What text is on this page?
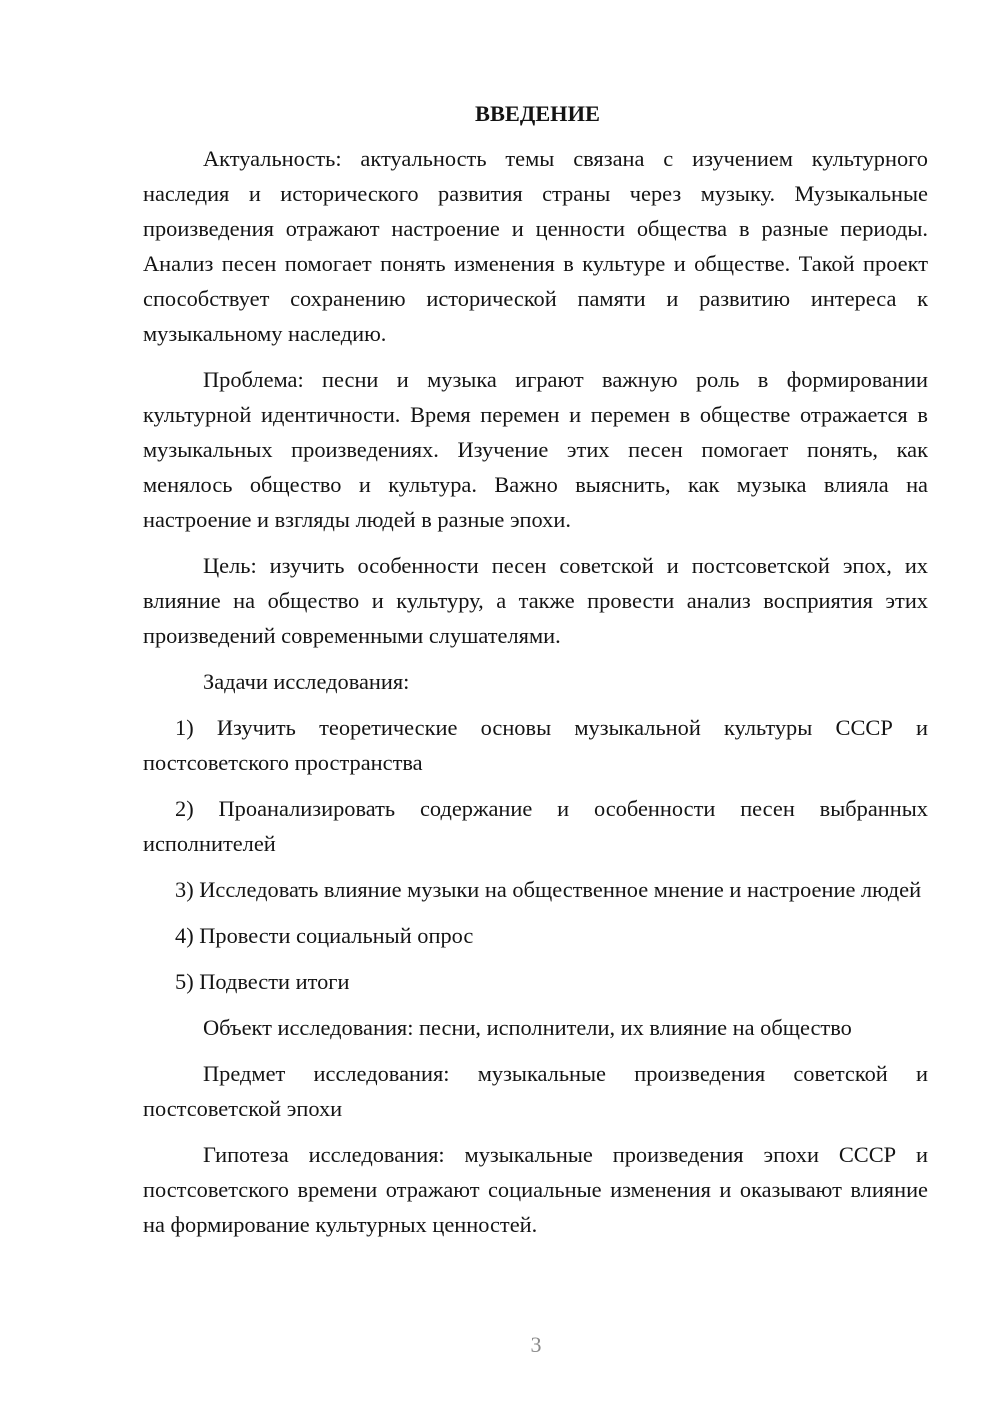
ВВЕДЕНИЕ

Актуальность: актуальность темы связана с изучением культурного наследия и исторического развития страны через музыку. Музыкальные произведения отражают настроение и ценности общества в разные периоды. Анализ песен помогает понять изменения в культуре и обществе. Такой проект способствует сохранению исторической памяти и развитию интереса к музыкальному наследию.

Проблема: песни и музыка играют важную роль в формировании культурной идентичности. Время перемен и перемен в обществе отражается в музыкальных произведениях. Изучение этих песен помогает понять, как менялось общество и культура. Важно выяснить, как музыка влияла на настроение и взгляды людей в разные эпохи.

Цель: изучить особенности песен советской и постсоветской эпох, их влияние на общество и культуру, а также провести анализ восприятия этих произведений современными слушателями.

Задачи исследования:

1) Изучить теоретические основы музыкальной культуры СССР и постсоветского пространства

2) Проанализировать содержание и особенности песен выбранных исполнителей

3) Исследовать влияние музыки на общественное мнение и настроение людей

4) Провести социальный опрос

5) Подвести итоги

Объект исследования: песни, исполнители, их влияние на общество

Предмет исследования: музыкальные произведения советской и постсоветской эпохи

Гипотеза исследования: музыкальные произведения эпохи СССР и постсоветского времени отражают социальные изменения и оказывают влияние на формирование культурных ценностей.

3
